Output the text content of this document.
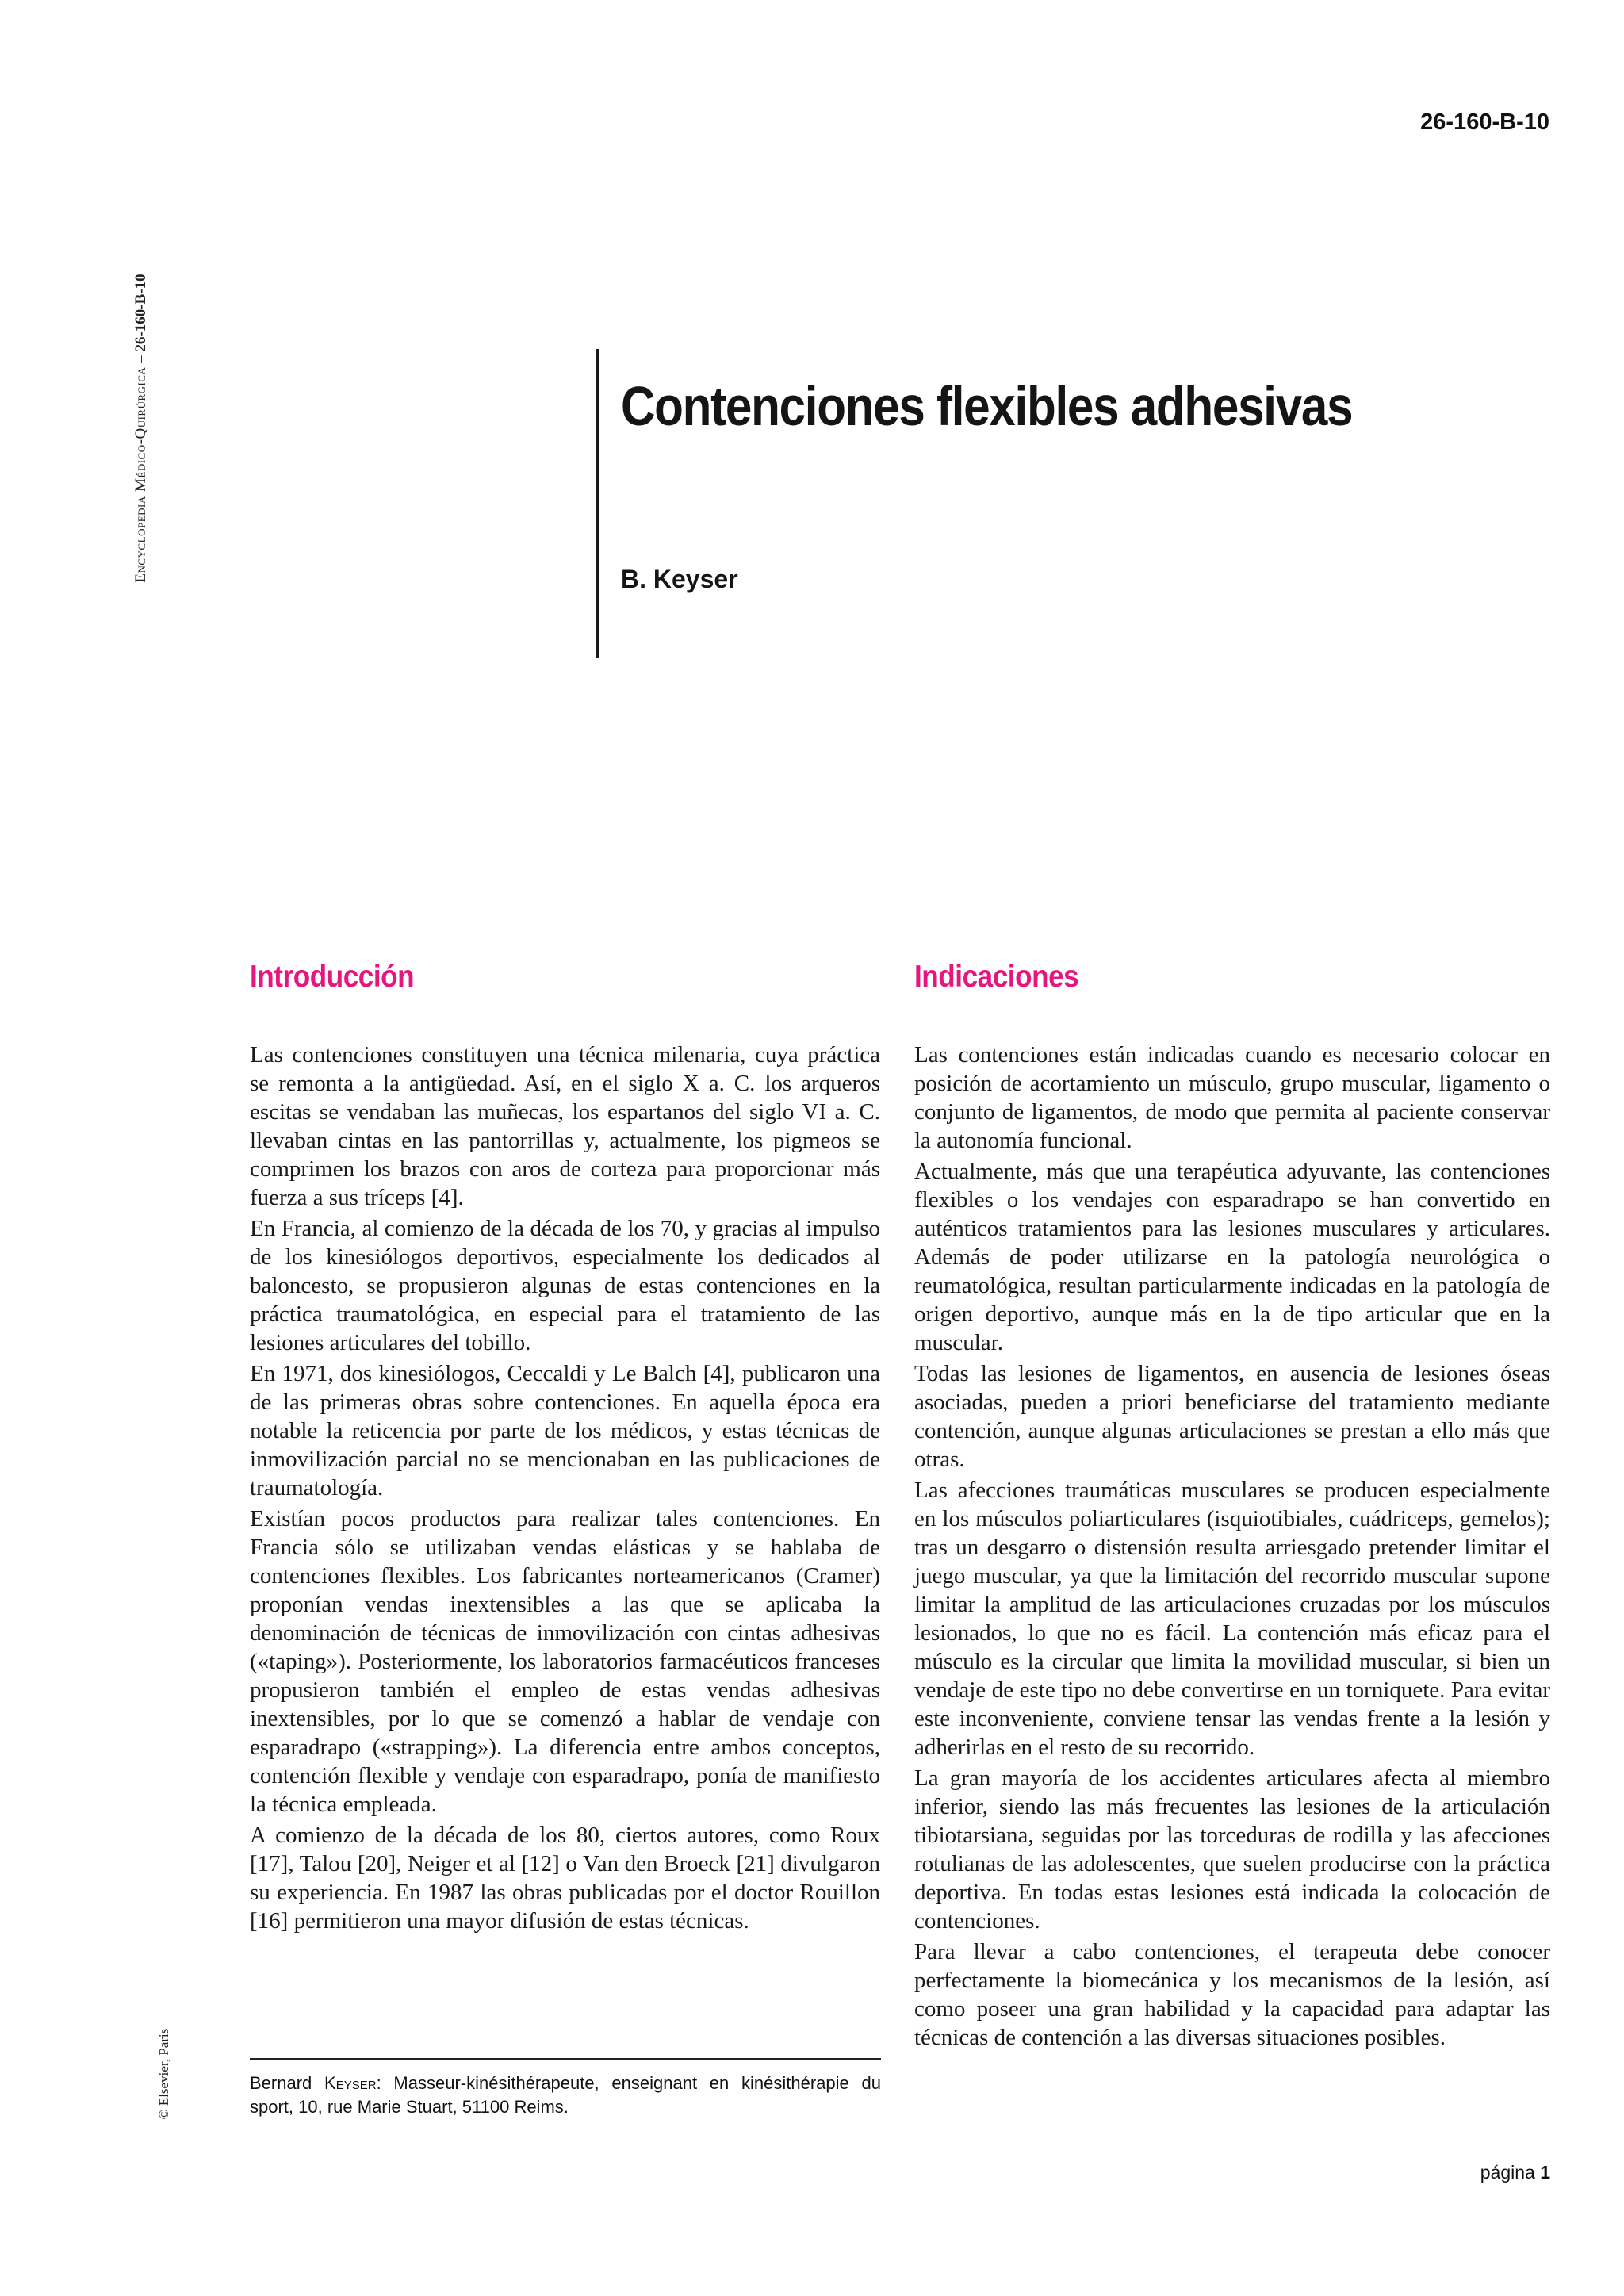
Encyclopedia Médico-Quirúrgica – 26-160-B-10
© Elsevier, Paris
26-160-B-10
Contenciones flexibles adhesivas
B. Keyser
Introducción

Las contenciones constituyen una técnica milenaria, cuya práctica se remonta a la antigüedad. Así, en el siglo X a. C. los arqueros escitas se vendaban las muñecas, los espartanos del siglo VI a. C. llevaban cintas en las pantorrillas y, actualmente, los pigmeos se comprimen los brazos con aros de corteza para proporcionar más fuerza a sus tríceps [4].

En Francia, al comienzo de la década de los 70, y gracias al impulso de los kinesiólogos deportivos, especialmente los dedicados al baloncesto, se propusieron algunas de estas contenciones en la práctica traumatológica, en especial para el tratamiento de las lesiones articulares del tobillo.

En 1971, dos kinesiólogos, Ceccaldi y Le Balch [4], publicaron una de las primeras obras sobre contenciones. En aquella época era notable la reticencia por parte de los médicos, y estas técnicas de inmovilización parcial no se mencionaban en las publicaciones de traumatología.

Existían pocos productos para realizar tales contenciones. En Francia sólo se utilizaban vendas elásticas y se hablaba de contenciones flexibles. Los fabricantes norteamericanos (Cramer) proponían vendas inextensibles a las que se aplicaba la denominación de técnicas de inmovilización con cintas adhesivas («taping»). Posteriormente, los laboratorios farmacéuticos franceses propusieron también el empleo de estas vendas adhesivas inextensibles, por lo que se comenzó a hablar de vendaje con esparadrapo («strapping»). La diferencia entre ambos conceptos, contención flexible y vendaje con esparadrapo, ponía de manifiesto la técnica empleada.

A comienzo de la década de los 80, ciertos autores, como Roux [17], Talou [20], Neiger et al [12] o Van den Broeck [21] divulgaron su experiencia. En 1987 las obras publicadas por el doctor Rouillon [16] permitieron una mayor difusión de estas técnicas.

Indicaciones

Las contenciones están indicadas cuando es necesario colocar en posición de acortamiento un músculo, grupo muscular, ligamento o conjunto de ligamentos, de modo que permita al paciente conservar la autonomía funcional.

Actualmente, más que una terapéutica adyuvante, las contenciones flexibles o los vendajes con esparadrapo se han convertido en auténticos tratamientos para las lesiones musculares y articulares. Además de poder utilizarse en la patología neurológica o reumatológica, resultan particularmente indicadas en la patología de origen deportivo, aunque más en la de tipo articular que en la muscular.

Todas las lesiones de ligamentos, en ausencia de lesiones óseas asociadas, pueden a priori beneficiarse del tratamiento mediante contención, aunque algunas articulaciones se prestan a ello más que otras.

Las afecciones traumáticas musculares se producen especialmente en los músculos poliarticulares (isquiotibiales, cuádriceps, gemelos); tras un desgarro o distensión resulta arriesgado pretender limitar el juego muscular, ya que la limitación del recorrido muscular supone limitar la amplitud de las articulaciones cruzadas por los músculos lesionados, lo que no es fácil. La contención más eficaz para el músculo es la circular que limita la movilidad muscular, si bien un vendaje de este tipo no debe convertirse en un torniquete. Para evitar este inconveniente, conviene tensar las vendas frente a la lesión y adherirlas en el resto de su recorrido.

La gran mayoría de los accidentes articulares afecta al miembro inferior, siendo las más frecuentes las lesiones de la articulación tibiotarsiana, seguidas por las torceduras de rodilla y las afecciones rotulianas de las adolescentes, que suelen producirse con la práctica deportiva. En todas estas lesiones está indicada la colocación de contenciones.

Para llevar a cabo contenciones, el terapeuta debe conocer perfectamente la biomecánica y los mecanismos de la lesión, así como poseer una gran habilidad y la capacidad para adaptar las técnicas de contención a las diversas situaciones posibles.

Bernard Keyser: Masseur-kinésithérapeute, enseignant en kinésithérapie du sport, 10, rue Marie Stuart, 51100 Reims.
página 1
